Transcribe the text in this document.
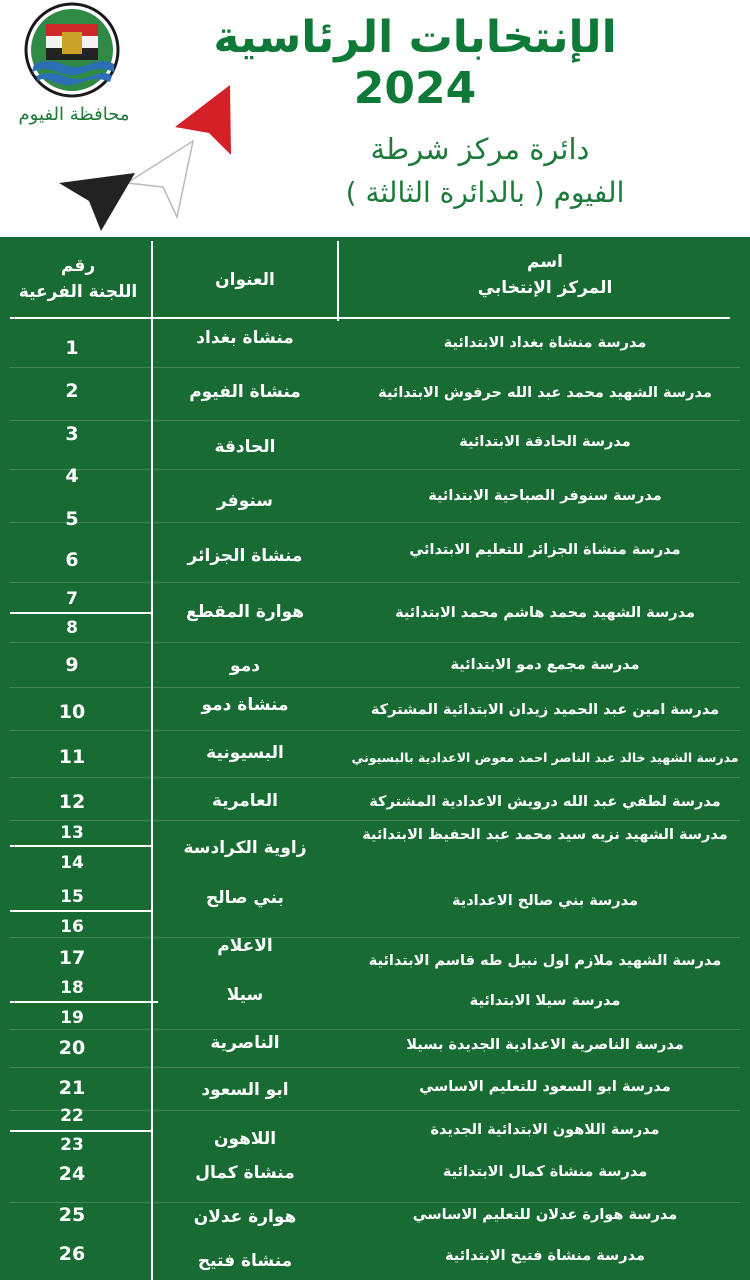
محافظة الفيوم
الإنتخابات الرئاسية 2024
دائرة مركز شرطة
الفيوم ( بالدائرة الثالثة )
رقم
اللجنة الفرعية
العنوان
اسم
المركز الإنتخابي
1
2
3
4
5
6
7
8
9
10
11
12
13
14
15
16
17
18
19
20
21
22
23
24
25
26
منشاة بغداد
منشاة الفيوم
الحادقة
سنوفر
منشاة الجزائر
هوارة المقطع
دمو
منشاة دمو
البسيونية
العامرية
زاوية الكرادسة
بني صالح
الاعلام
سيلا
الناصرية
ابو السعود
اللاهون
منشاة كمال
هوارة عدلان
منشاة فتيح
مدرسة منشاة بغداد الابتدائية
مدرسة الشهيد محمد عبد الله حرفوش الابتدائية
مدرسة الحادقة الابتدائية
مدرسة سنوفر الصباحية الابتدائية
مدرسة منشاة الجزائر للتعليم الابتدائي
مدرسة الشهيد محمد هاشم محمد الابتدائية
مدرسة مجمع دمو الابتدائية
مدرسة امين عبد الحميد زيدان الابتدائية المشتركة
مدرسة الشهيد خالد عبد الناصر احمد معوض الاعدادية بالبسيوني
مدرسة لطفي عبد الله درويش الاعدادية المشتركة
مدرسة الشهيد نزيه سيد محمد عبد الحفيظ الابتدائية
مدرسة بني صالح الاعدادية
مدرسة الشهيد ملازم اول نبيل طه قاسم الابتدائية
مدرسة سيلا الابتدائية
مدرسة الناصرية الاعدادية الجديدة بسيلا
مدرسة ابو السعود للتعليم الاساسي
مدرسة اللاهون الابتدائية الجديدة
مدرسة منشاة كمال الابتدائية
مدرسة هوارة عدلان للتعليم الاساسي
مدرسة منشاة فتيح الابتدائية
